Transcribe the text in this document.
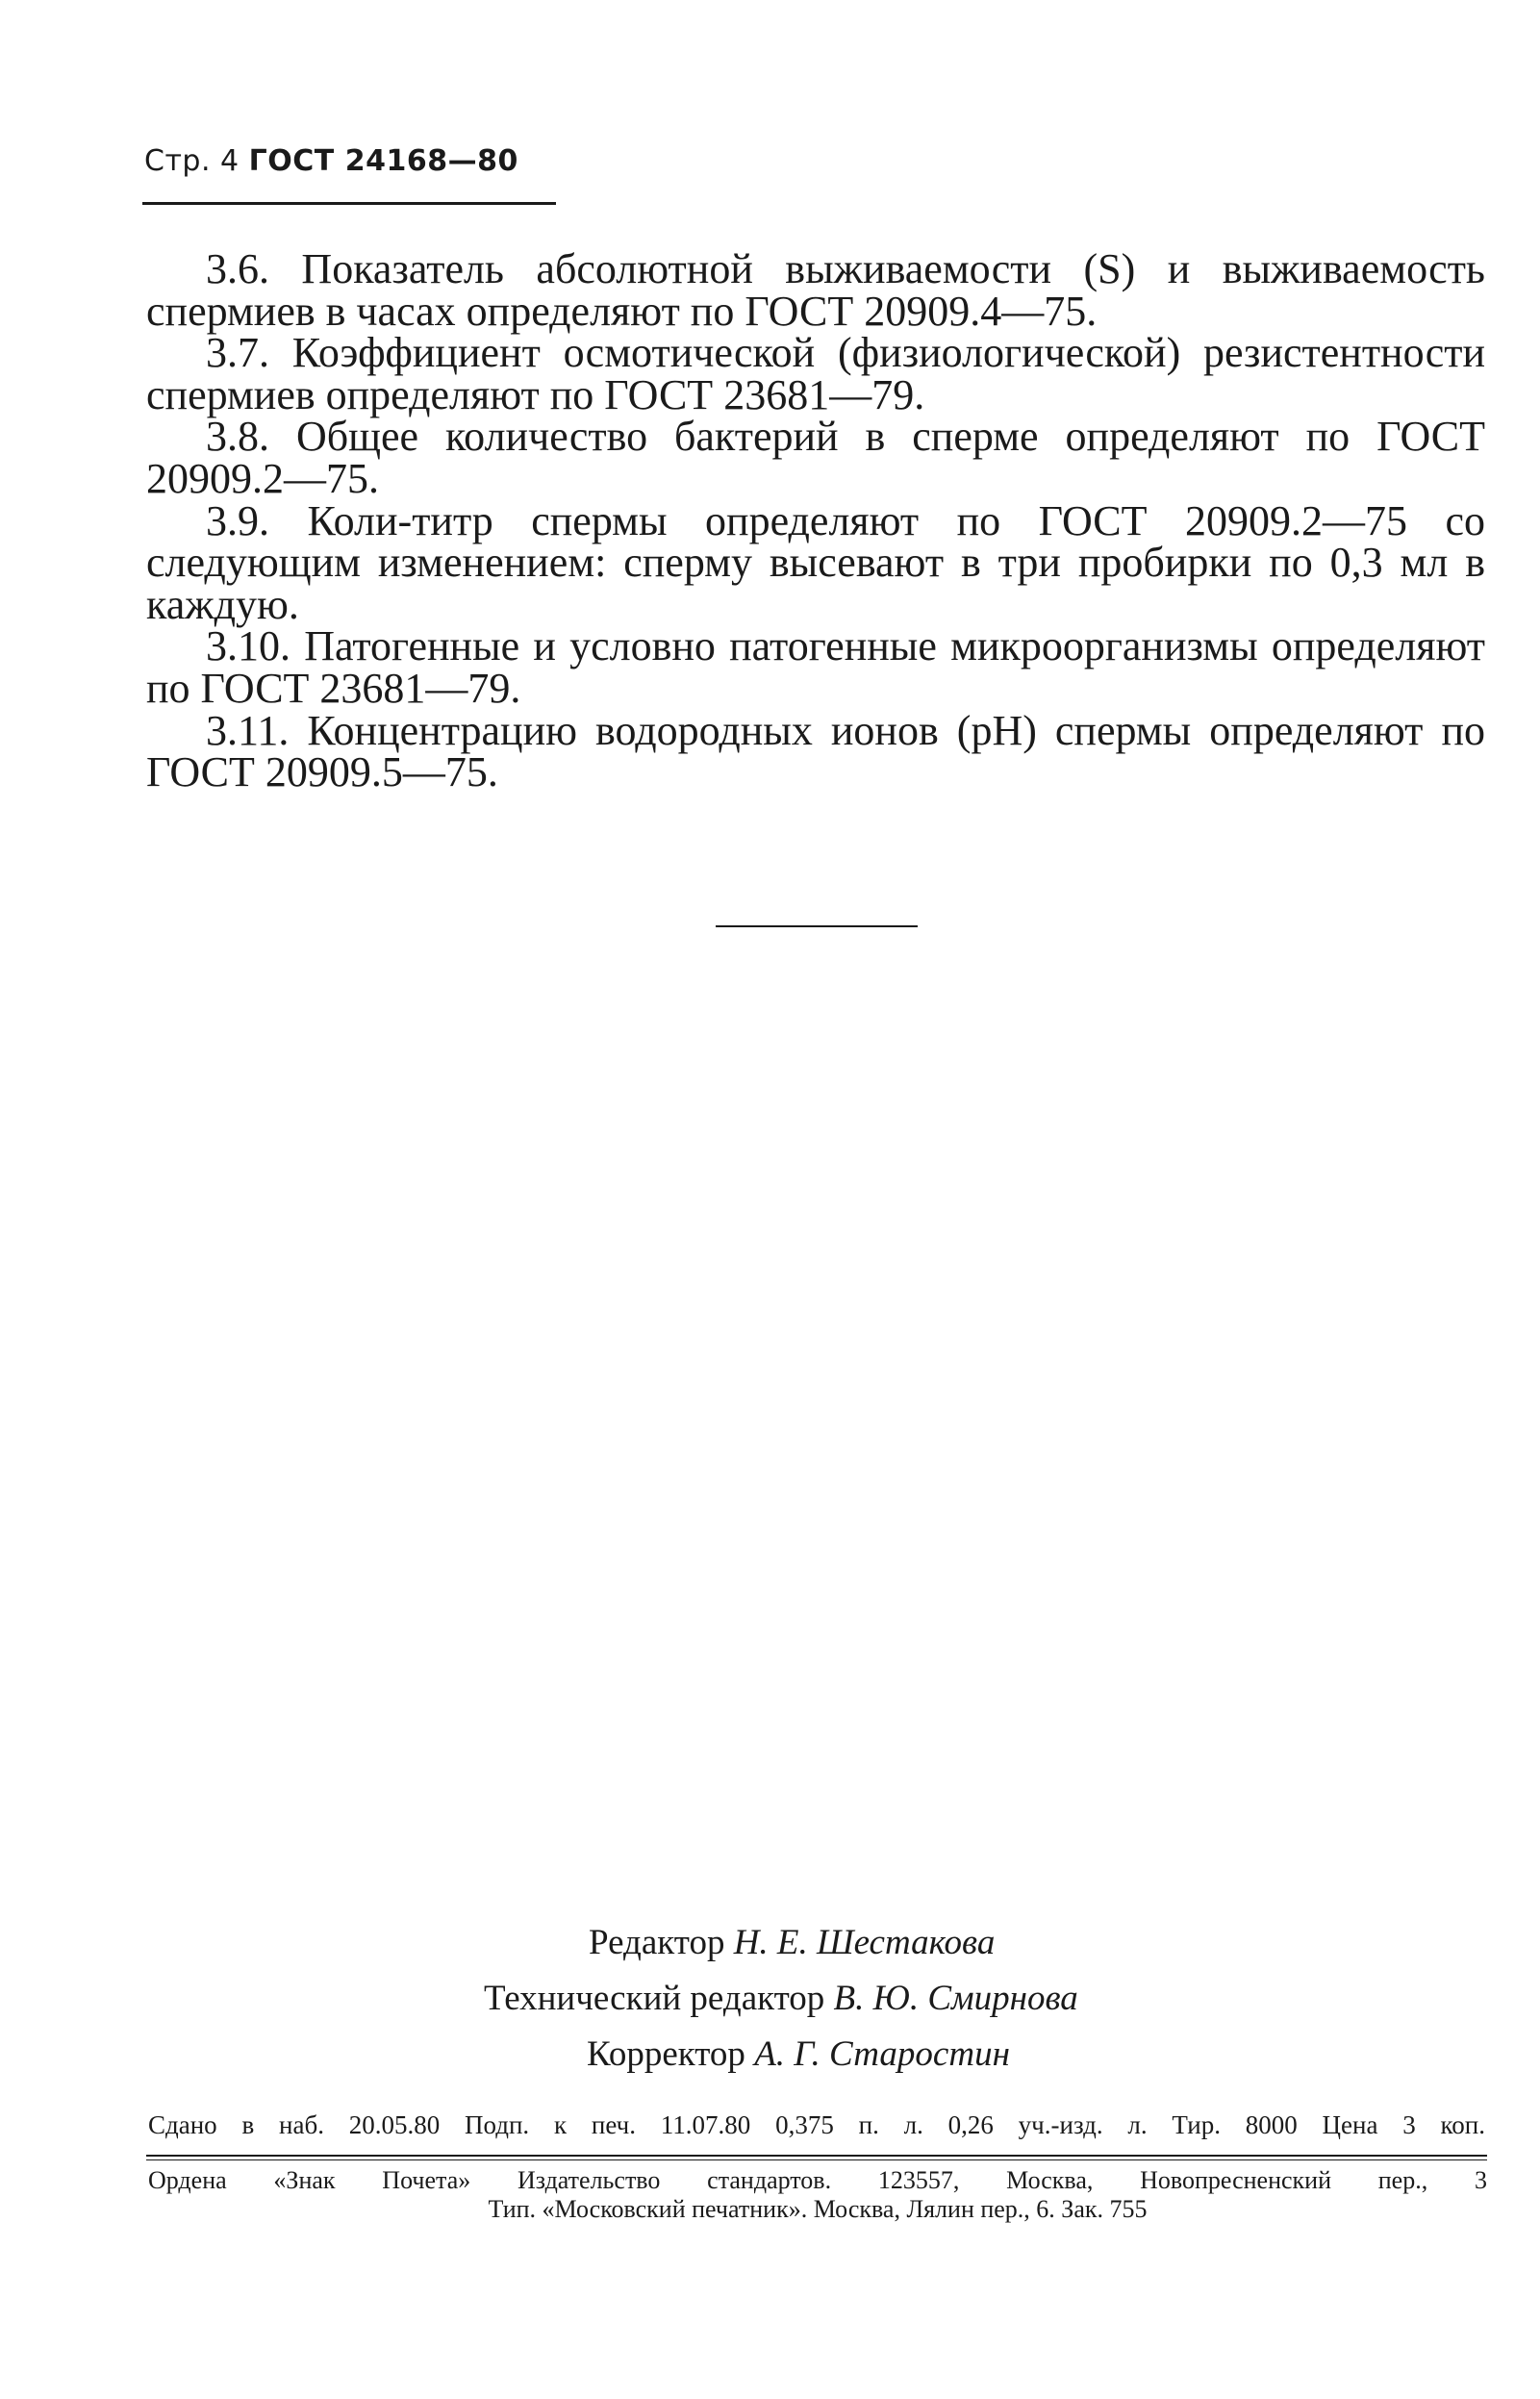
Стр. 4 ГОСТ 24168—80

3.6. Показатель абсолютной выживаемости (S) и выживаемость спермиев в часах определяют по ГОСТ 20909.4—75.

3.7. Коэффициент осмотической (физиологической) резистентности спермиев определяют по ГОСТ 23681—79.

3.8. Общее количество бактерий в сперме определяют по ГОСТ 20909.2—75.

3.9. Коли-титр спермы определяют по ГОСТ 20909.2—75 со следующим изменением: сперму высевают в три пробирки по 0,3 мл в каждую.

3.10. Патогенные и условно патогенные микроорганизмы определяют по ГОСТ 23681—79.

3.11. Концентрацию водородных ионов (pH) спермы определяют по ГОСТ 20909.5—75.

Редактор Н. Е. Шестакова
Технический редактор В. Ю. Смирнова
Корректор А. Г. Старостин
Сдано в наб. 20.05.80 Подп. к печ. 11.07.80 0,375 п. л. 0,26 уч.-изд. л. Тир. 8000 Цена 3 коп.
Ордена «Знак Почета» Издательство стандартов. 123557, Москва, Новопресненский пер., 3
Тип. «Московский печатник». Москва, Лялин пер., 6. Зак. 755
